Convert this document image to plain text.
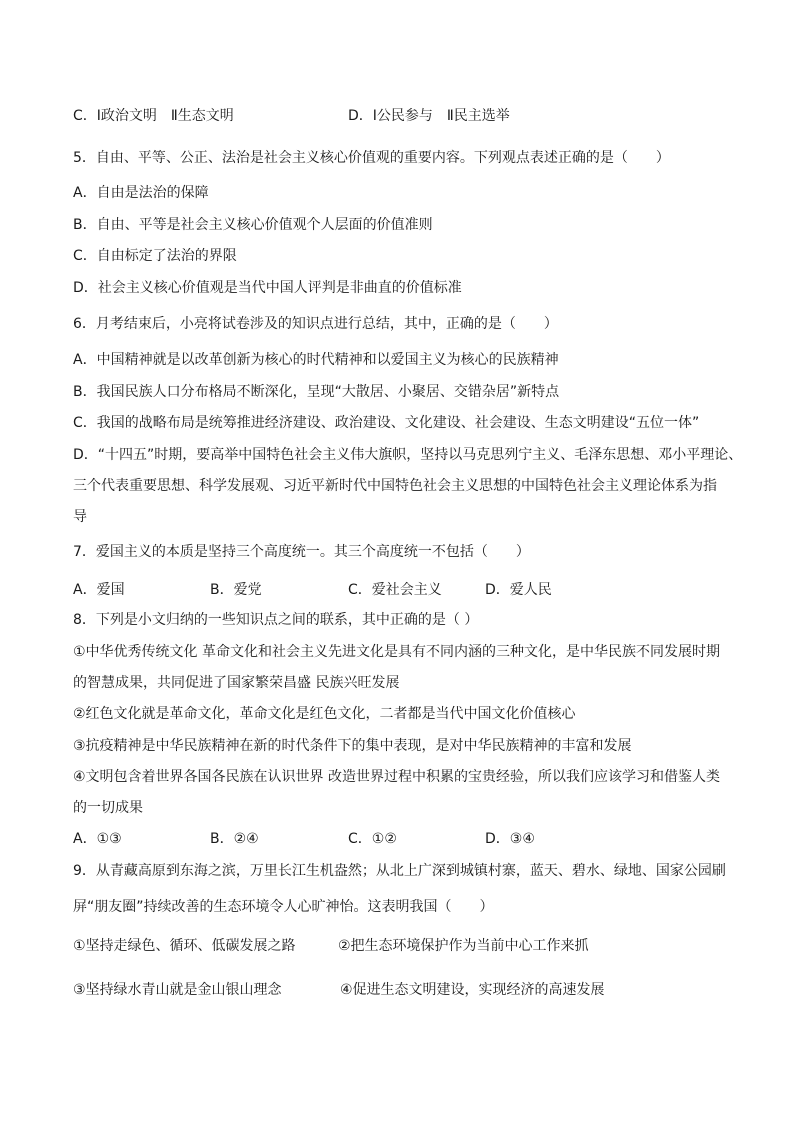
C．Ⅰ政治文明　Ⅱ生态文明	D．Ⅰ公民参与　Ⅱ民主选举
5．自由、平等、公正、法治是社会主义核心价值观的重要内容。下列观点表述正确的是（　　）
A．自由是法治的保障
B．自由、平等是社会主义核心价值观个人层面的价值准则
C．自由标定了法治的界限
D．社会主义核心价值观是当代中国人评判是非曲直的价值标准
6．月考结束后，小亮将试卷涉及的知识点进行总结，其中，正确的是（　　）
A．中国精神就是以改革创新为核心的时代精神和以爱国主义为核心的民族精神
B．我国民族人口分布格局不断深化，呈现“大散居、小聚居、交错杂居”新特点
C．我国的战略布局是统筹推进经济建设、政治建设、文化建设、社会建设、生态文明建设“五位一体”
D．“十四五”时期，要高举中国特色社会主义伟大旗帜，坚持以马克思列宁主义、毛泽东思想、邓小平理论、
三个代表重要思想、科学发展观、习近平新时代中国特色社会主义思想的中国特色社会主义理论体系为指
导
7．爱国主义的本质是坚持三个高度统一。其三个高度统一不包括（　　）
A．爱国	B．爱党	C．爱社会主义	D．爱人民
8．下列是小文归纳的一些知识点之间的联系，其中正确的是（ ）
①中华优秀传统文化 革命文化和社会主义先进文化是具有不同内涵的三种文化，是中华民族不同发展时期
的智慧成果，共同促进了国家繁荣昌盛 民族兴旺发展
②红色文化就是革命文化，革命文化是红色文化，二者都是当代中国文化价值核心
③抗疫精神是中华民族精神在新的时代条件下的集中表现，是对中华民族精神的丰富和发展
④文明包含着世界各国各民族在认识世界 改造世界过程中积累的宝贵经验，所以我们应该学习和借鉴人类
的一切成果
A．①③	B．②④	C．①②	D．③④
9．从青藏高原到东海之滨，万里长江生机盎然；从北上广深到城镇村寨，蓝天、碧水、绿地、国家公园刷
屏“朋友圈”持续改善的生态环境令人心旷神怡。这表明我国（　　）
①坚持走绿色、循环、低碳发展之路	②把生态环境保护作为当前中心工作来抓
③坚持绿水青山就是金山银山理念	④促进生态文明建设，实现经济的高速发展
